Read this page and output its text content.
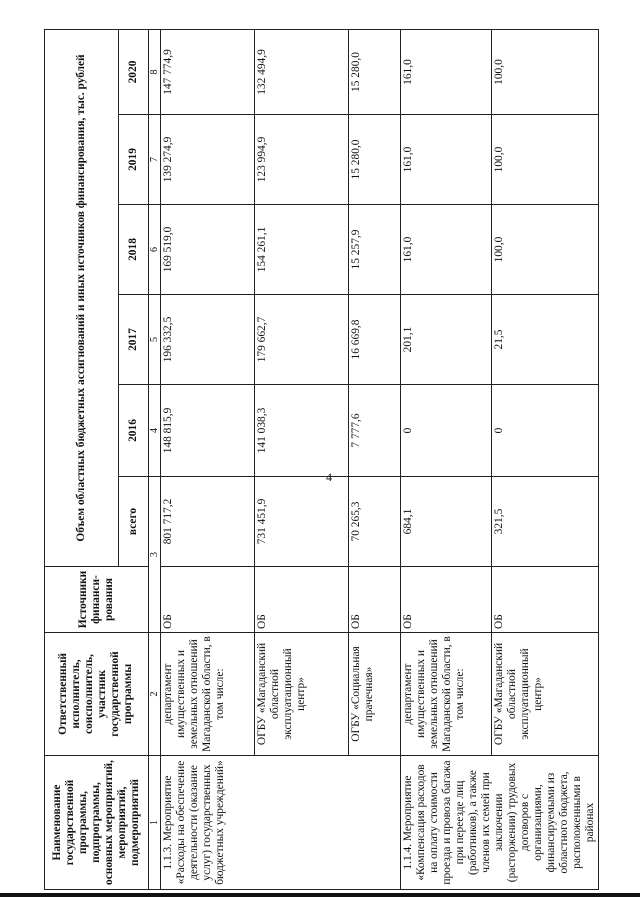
Наименование государственной программы, подпрограммы, основных мероприятий, мероприятий, подмероприятий	Ответственный исполнитель, соисполнитель, участник государственной программы	Источники финанси-рования	Объем областных бюджетных ассигнований и иных источников финансирования, тыс. рублей					
			всего	2016	2017	2018	2019	2020
1	2	3		4	5	6	7	8
1.1.3. Мероприятие «Расходы на обеспечение деятельности (оказание услуг) государственных бюджетных учреждений»	департамент имущественных и земельных отношений Магаданской области, в том числе:	ОБ	801 717,2	148 815,9	196 332,5	169 519,0	139 274,9	147 774,9
	ОГБУ «Магаданский областной эксплуатационный центр»	ОБ	731 451,9	141 038,3	179 662,7	154 261,1	123 994,9	132 494,9
	ОГБУ «Социальная прачечная»	ОБ	70 265,3	7 777,6	16 669,8	15 257,9	15 280,0	15 280,0
1.1.4. Мероприятие «Компенсация расходов на оплату стоимости проезда и провоза багажа при переезде лиц (работников), а также членов их семей при заключении (расторжении) трудовых договоров с организациями, финансируемыми из областного бюджета, расположенными в районах	департамент имущественных и земельных отношений Магаданской области, в том числе:	ОБ	684,1	0	201,1	161,0	161,0	161,0
	ОГБУ «Магаданский областной эксплуатационный центр»	ОБ	321,5	0	21,5	100,0	100,0	100,0
4
